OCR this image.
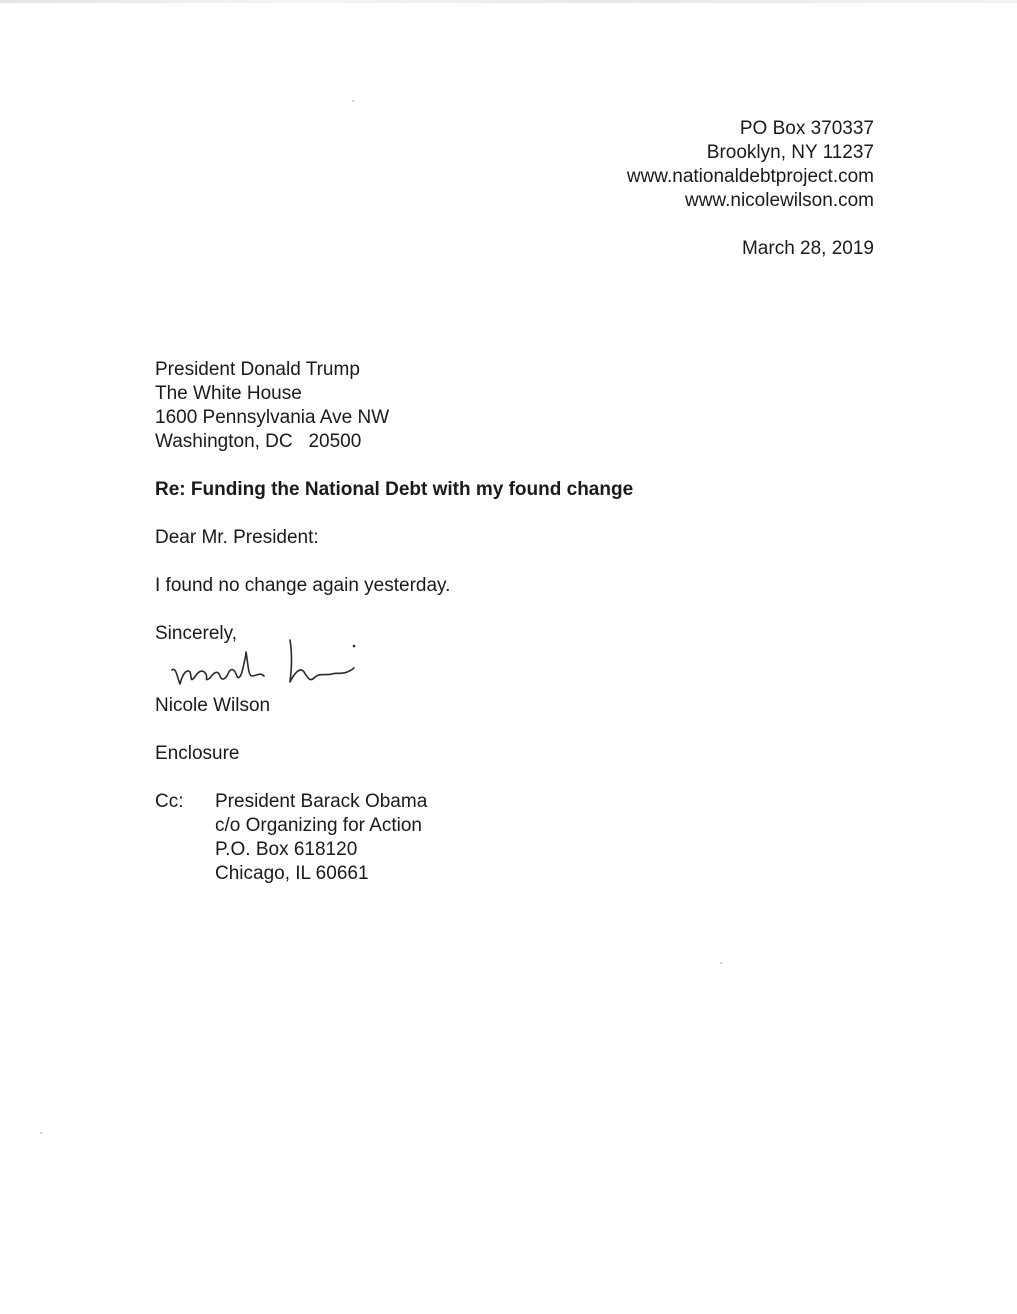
PO Box 370337
Brooklyn, NY 11237
www.nationaldebtproject.com
www.nicolewilson.com
March 28, 2019
President Donald Trump
The White House
1600 Pennsylvania Ave NW
Washington, DC   20500
Re: Funding the National Debt with my found change
Dear Mr. President:
I found no change again yesterday.
Sincerely,
Nicole Wilson
Enclosure
Cc: President Barack Obama
c/o Organizing for Action
P.O. Box 618120
Chicago, IL 60661
